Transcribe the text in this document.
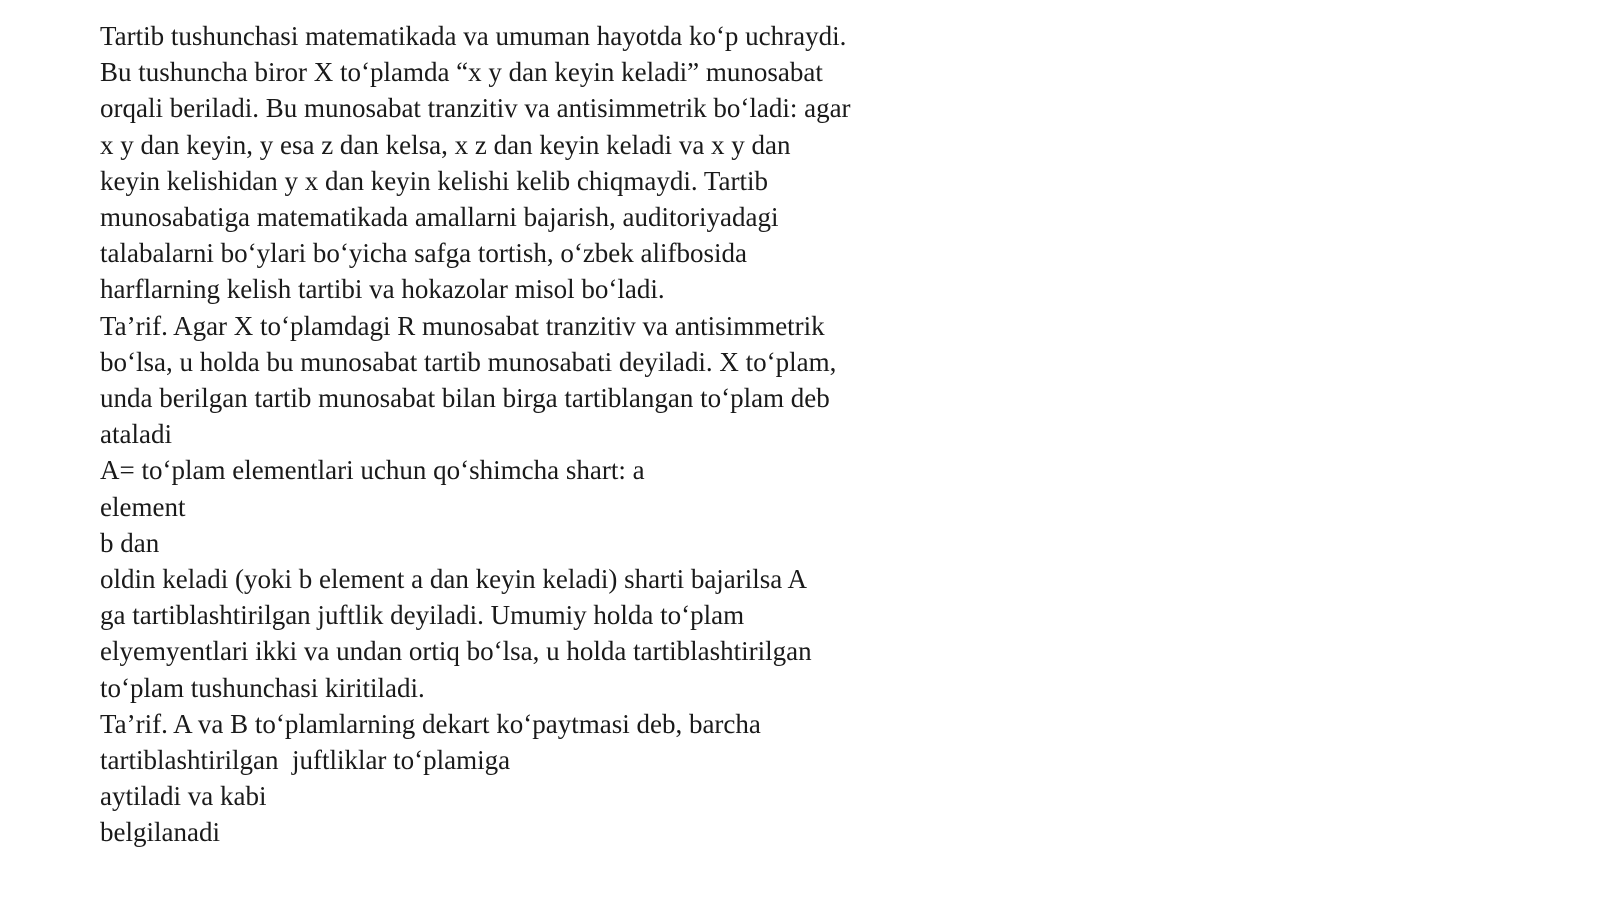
Tartib tushunchasi matematikada va umuman hayotda ko‘p uchraydi.
Bu tushuncha biror X to‘plamda “x y dan keyin keladi” munosabat
orqali beriladi. Bu munosabat tranzitiv va antisimmetrik bo‘ladi: agar
x y dan keyin, y esa z dan kelsa, x z dan keyin keladi va x y dan
keyin kelishidan y x dan keyin kelishi kelib chiqmaydi. Tartib
munosabatiga matematikada amallarni bajarish, auditoriyadagi
talabalarni bo‘ylari bo‘yicha safga tortish, o‘zbek alifbosida
harflarning kelish tartibi va hokazolar misol bo‘ladi.
Ta’rif. Agar X to‘plamdagi R munosabat tranzitiv va antisimmetrik
bo‘lsa, u holda bu munosabat tartib munosabati deyiladi. X to‘plam,
unda berilgan tartib munosabat bilan birga tartiblangan to‘plam deb
ataladi
A= to‘plam elementlari uchun qo‘shimcha shart: a
element
b dan
oldin keladi (yoki b element a dan keyin keladi) sharti bajarilsa A
ga tartiblashtirilgan juftlik deyiladi. Umumiy holda to‘plam
elyemyentlari ikki va undan ortiq bo‘lsa, u holda tartiblashtirilgan
to‘plam tushunchasi kiritiladi.
Ta’rif. A va B to‘plamlarning dekart ko‘paytmasi deb, barcha
tartiblashtirilgan  juftliklar to‘plamiga
aytiladi va kabi
belgilanadi
